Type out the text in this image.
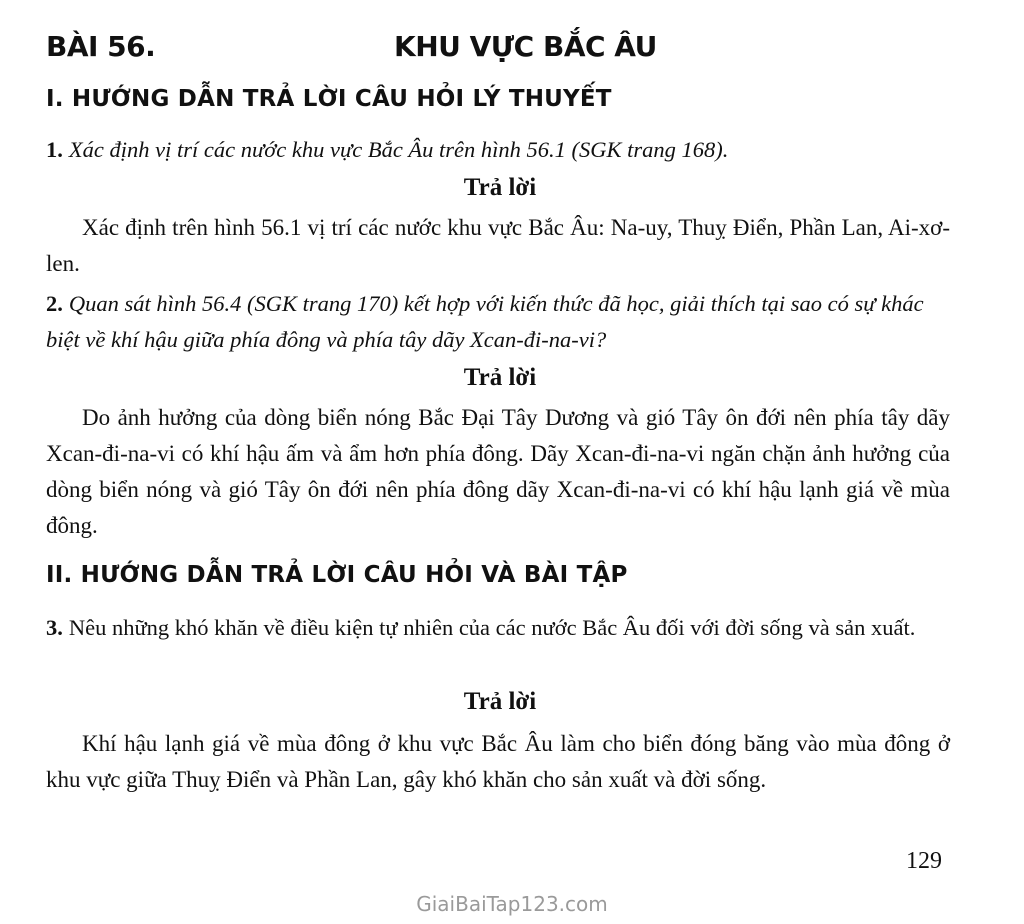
BÀI 56.	KHU VỰC BẮC ÂU
I. HƯỚNG DẪN TRẢ LỜI CÂU HỎI LÝ THUYẾT
1. Xác định vị trí các nước khu vực Bắc Âu trên hình 56.1 (SGK trang 168).
Trả lời
Xác định trên hình 56.1 vị trí các nước khu vực Bắc Âu: Na-uy, Thuỵ Điển, Phần Lan, Ai-xơ-len.
2. Quan sát hình 56.4 (SGK trang 170) kết hợp với kiến thức đã học, giải thích tại sao có sự khác biệt về khí hậu giữa phía đông và phía tây dãy Xcan-đi-na-vi?
Trả lời
Do ảnh hưởng của dòng biển nóng Bắc Đại Tây Dương và gió Tây ôn đới nên phía tây dãy Xcan-đi-na-vi có khí hậu ấm và ẩm hơn phía đông. Dãy Xcan-đi-na-vi ngăn chặn ảnh hưởng của dòng biển nóng và gió Tây ôn đới nên phía đông dãy Xcan-đi-na-vi có khí hậu lạnh giá về mùa đông.
II. HƯỚNG DẪN TRẢ LỜI CÂU HỎI VÀ BÀI TẬP
3. Nêu những khó khăn về điều kiện tự nhiên của các nước Bắc Âu đối với đời sống và sản xuất.
Trả lời
Khí hậu lạnh giá về mùa đông ở khu vực Bắc Âu làm cho biển đóng băng vào mùa đông ở khu vực giữa Thuỵ Điển và Phần Lan, gây khó khăn cho sản xuất và đời sống.
129
GiaiBaiTap123.com
